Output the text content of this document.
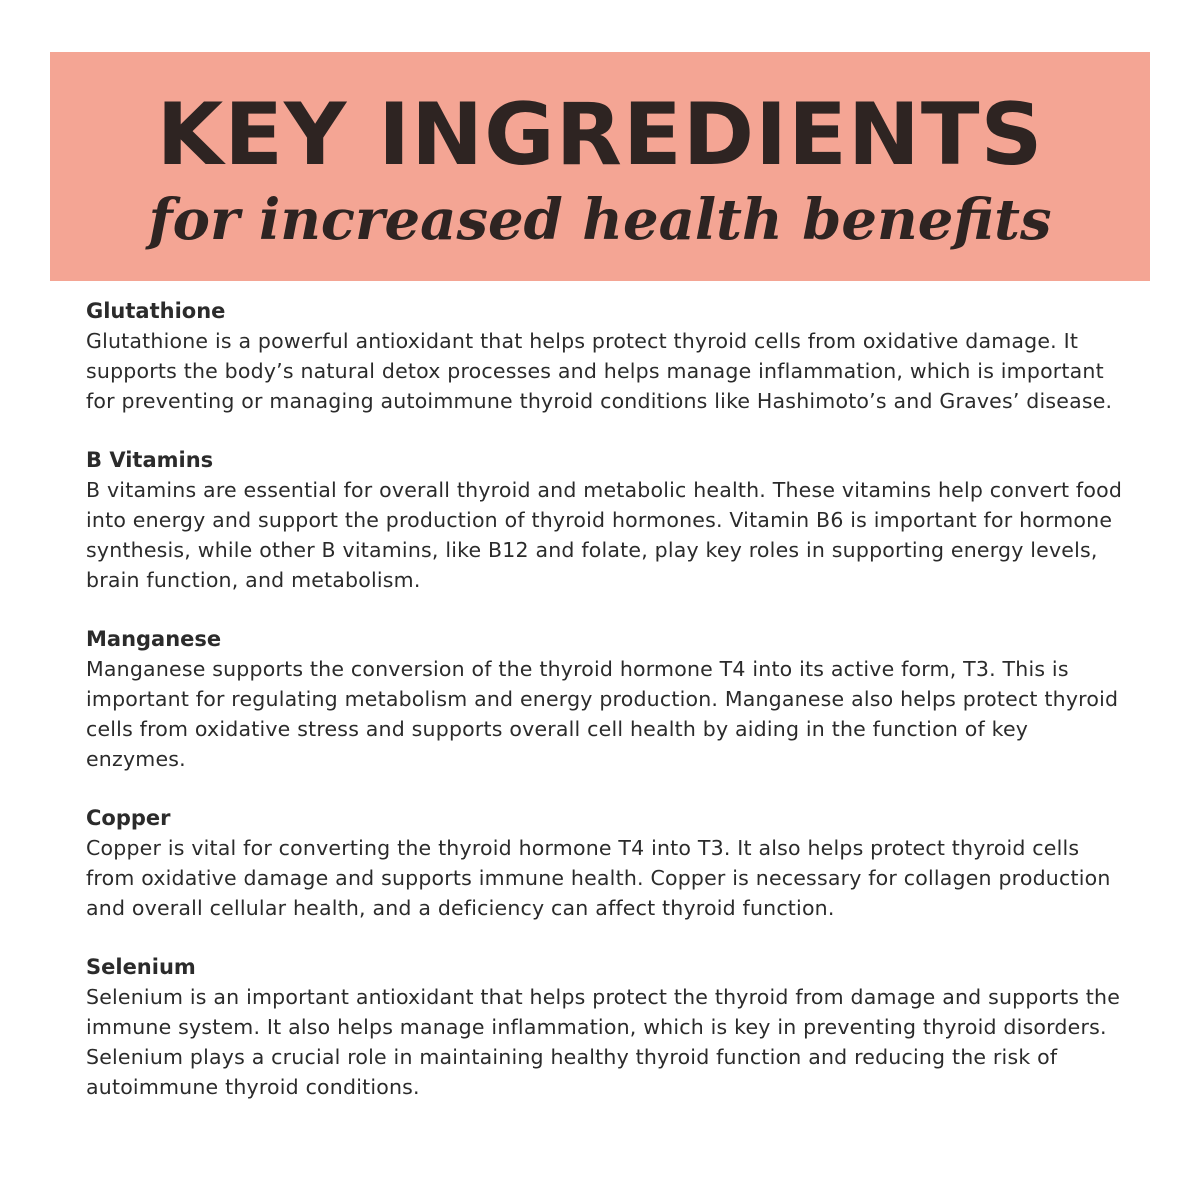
KEY INGREDIENTS
for increased health benefits

Glutathione

Glutathione is a powerful antioxidant that helps protect thyroid cells from oxidative damage. It supports the body’s natural detox processes and helps manage inflammation, which is important for preventing or managing autoimmune thyroid conditions like Hashimoto’s and Graves’ disease.

B Vitamins

B vitamins are essential for overall thyroid and metabolic health. These vitamins help convert food into energy and support the production of thyroid hormones. Vitamin B6 is important for hormone synthesis, while other B vitamins, like B12 and folate, play key roles in supporting energy levels, brain function, and metabolism.

Manganese

Manganese supports the conversion of the thyroid hormone T4 into its active form, T3. This is important for regulating metabolism and energy production. Manganese also helps protect thyroid cells from oxidative stress and supports overall cell health by aiding in the function of key enzymes.

Copper

Copper is vital for converting the thyroid hormone T4 into T3. It also helps protect thyroid cells from oxidative damage and supports immune health. Copper is necessary for collagen production and overall cellular health, and a deficiency can affect thyroid function.

Selenium

Selenium is an important antioxidant that helps protect the thyroid from damage and supports the immune system. It also helps manage inflammation, which is key in preventing thyroid disorders. Selenium plays a crucial role in maintaining healthy thyroid function and reducing the risk of autoimmune thyroid conditions.
